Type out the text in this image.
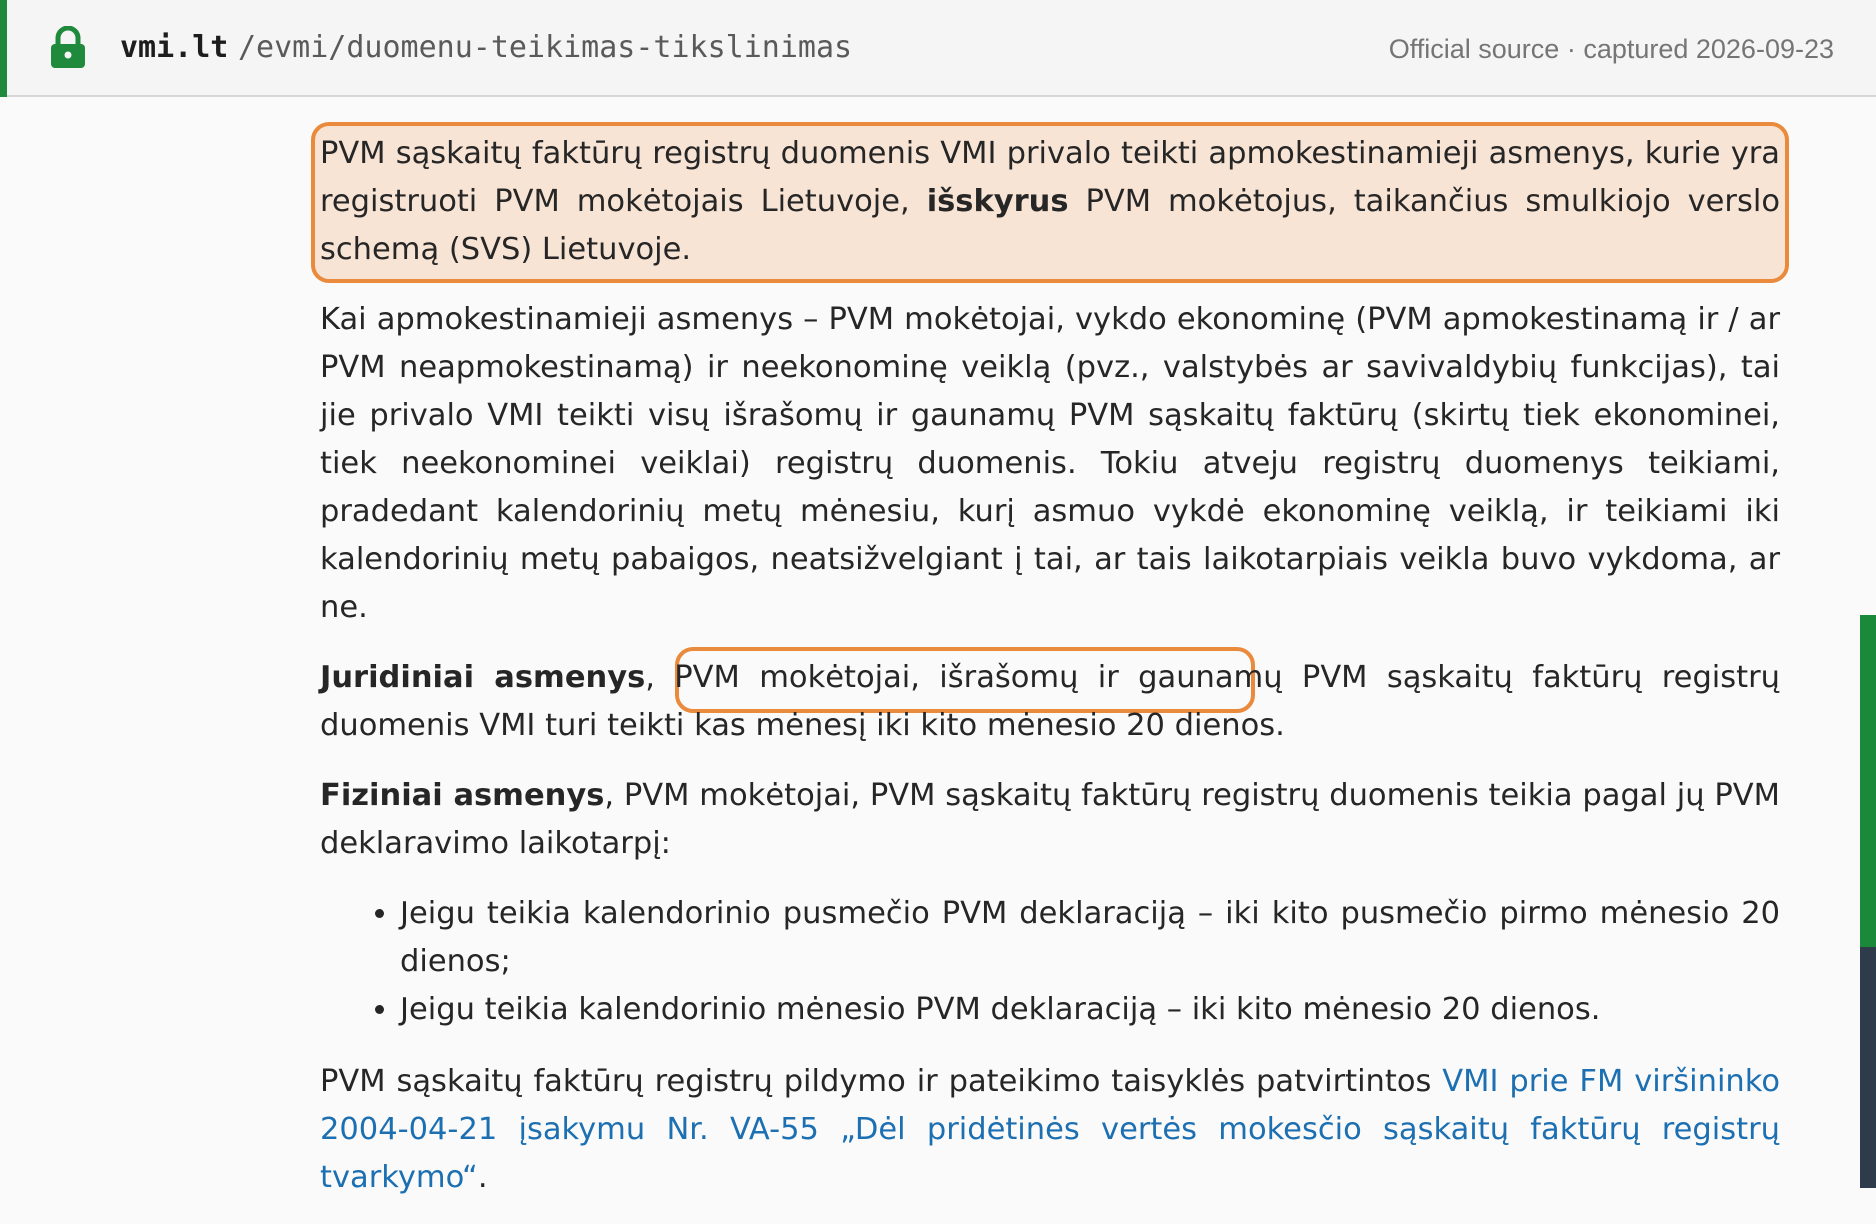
vmi.lt /evmi/duomenu-teikimas-tikslinimas	Official source · captured 2026-09-23

PVM sąskaitų faktūrų registrų duomenis VMI privalo teikti apmokestinamieji asmenys, kurie yra registruoti PVM mokėtojais Lietuvoje, išskyrus PVM mokėtojus, taikančius smulkiojo verslo schemą (SVS) Lietuvoje.

Kai apmokestinamieji asmenys – PVM mokėtojai, vykdo ekonominę (PVM apmokestinamą ir / ar PVM neapmokestinamą) ir neekonominę veiklą (pvz., valstybės ar savivaldybių funkcijas), tai jie privalo VMI teikti visų išrašomų ir gaunamų PVM sąskaitų faktūrų (skirtų tiek ekonominei, tiek neekonominei veiklai) registrų duomenis. Tokiu atveju registrų duomenys teikiami, pradedant kalendorinių metų mėnesiu, kurį asmuo vykdė ekonominę veiklą, ir teikiami iki kalendorinių metų pabaigos, neatsižvelgiant į tai, ar tais laikotarpiais veikla buvo vykdoma, ar ne.

Juridiniai asmenys, PVM mokėtojai, išrašomų ir gaunamų PVM sąskaitų faktūrų registrų duomenis VMI turi teikti kas mėnesį iki kito mėnesio 20 dienos.

Fiziniai asmenys, PVM mokėtojai, PVM sąskaitų faktūrų registrų duomenis teikia pagal jų PVM deklaravimo laikotarpį:

• Jeigu teikia kalendorinio pusmečio PVM deklaraciją – iki kito pusmečio pirmo mėnesio 20 dienos;
• Jeigu teikia kalendorinio mėnesio PVM deklaraciją – iki kito mėnesio 20 dienos.

PVM sąskaitų faktūrų registrų pildymo ir pateikimo taisyklės patvirtintos VMI prie FM viršininko 2004-04-21 įsakymu Nr. VA-55 „Dėl pridėtinės vertės mokesčio sąskaitų faktūrų registrų tvarkymo“.
